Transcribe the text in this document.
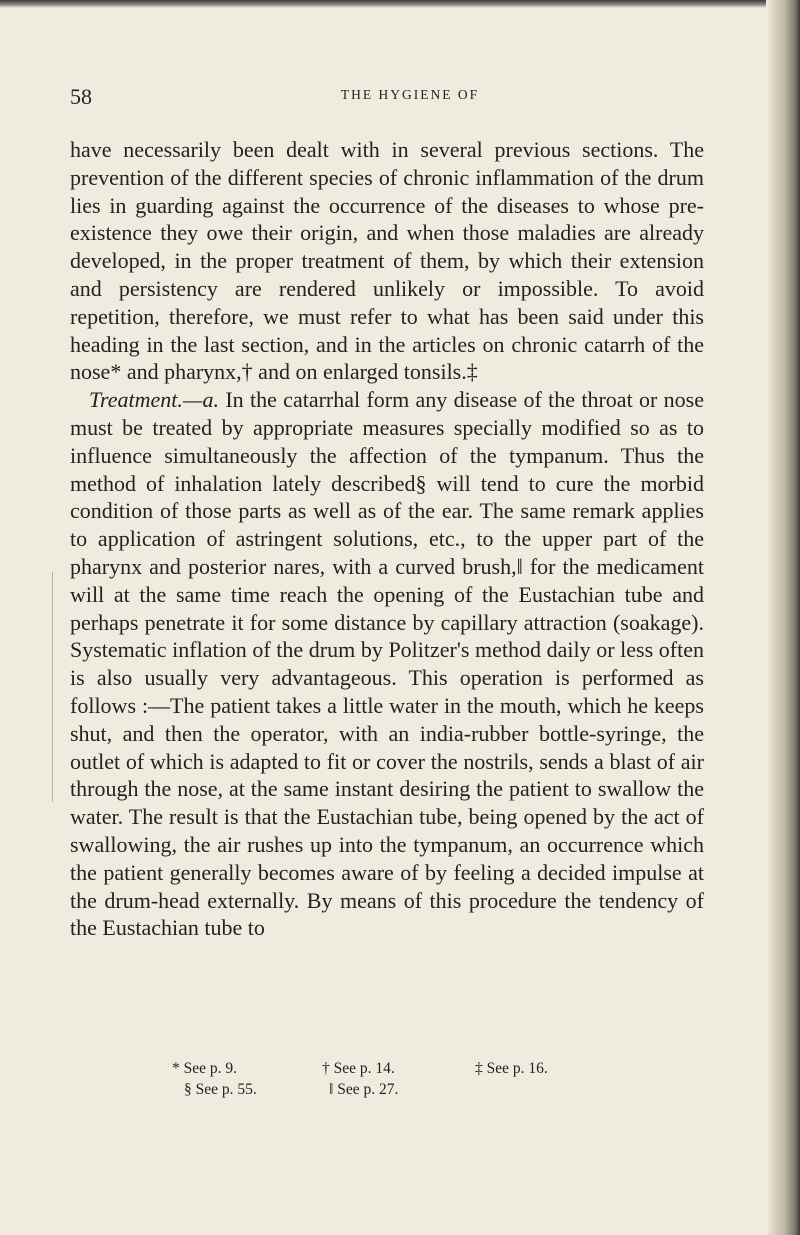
58	THE HYGIENE OF

have necessarily been dealt with in several previous sections. The prevention of the different species of chronic inflammation of the drum lies in guarding against the occurrence of the diseases to whose pre-existence they owe their origin, and when those maladies are already developed, in the proper treatment of them, by which their extension and persistency are rendered unlikely or impossible. To avoid repetition, therefore, we must refer to what has been said under this heading in the last section, and in the articles on chronic catarrh of the nose* and pharynx,† and on enlarged tonsils.‡

Treatment.—a. In the catarrhal form any disease of the throat or nose must be treated by appropriate measures specially modified so as to influence simultaneously the affection of the tympanum. Thus the method of inhalation lately described§ will tend to cure the morbid condition of those parts as well as of the ear. The same remark applies to application of astringent solutions, etc., to the upper part of the pharynx and posterior nares, with a curved brush,‖ for the medicament will at the same time reach the opening of the Eustachian tube and perhaps penetrate it for some distance by capillary attraction (soakage). Systematic inflation of the drum by Politzer's method daily or less often is also usually very advantageous. This operation is performed as follows :—The patient takes a little water in the mouth, which he keeps shut, and then the operator, with an india-rubber bottle-syringe, the outlet of which is adapted to fit or cover the nostrils, sends a blast of air through the nose, at the same instant desiring the patient to swallow the water. The result is that the Eustachian tube, being opened by the act of swallowing, the air rushes up into the tympanum, an occurrence which the patient generally becomes aware of by feeling a decided impulse at the drum-head externally. By means of this procedure the tendency of the Eustachian tube to

* See p. 9.	† See p. 14.	‡ See p. 16.
§ See p. 55.	‖ See p. 27.
